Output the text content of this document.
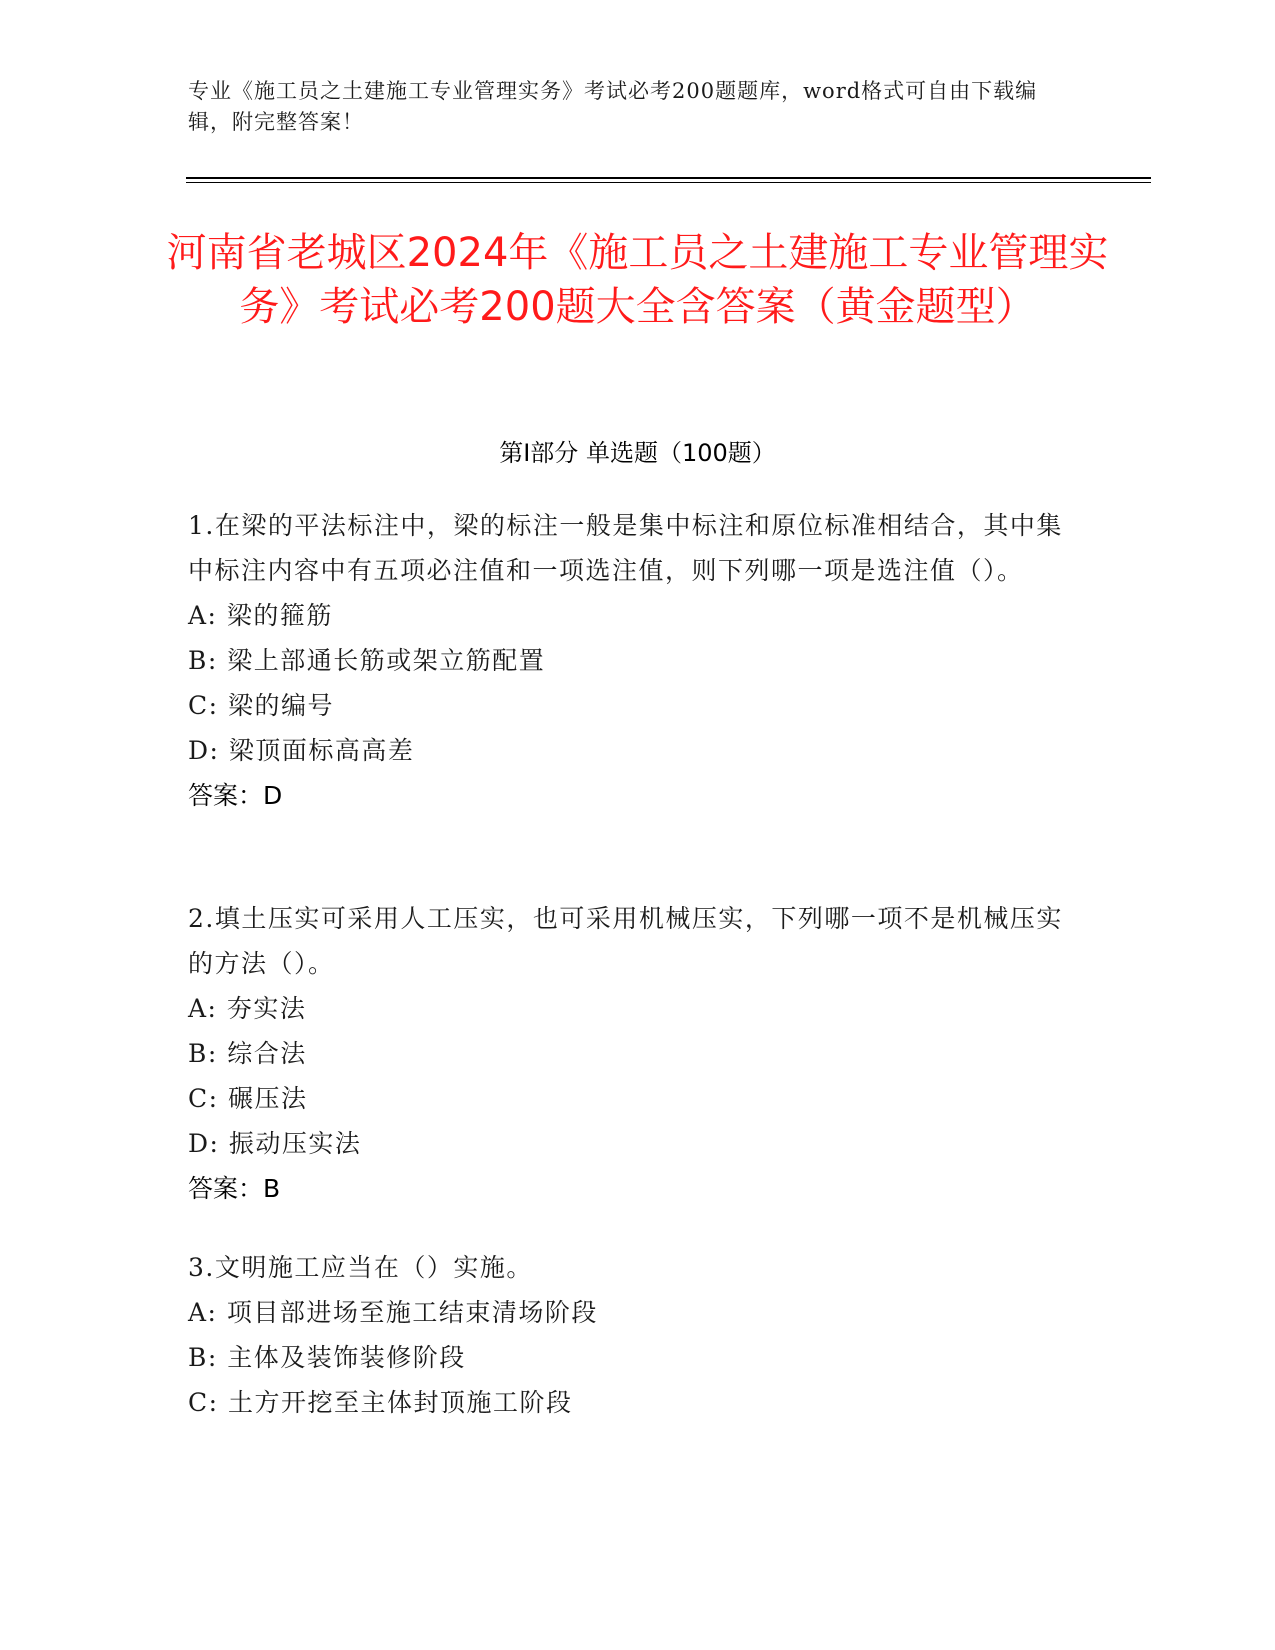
专业《施工员之土建施工专业管理实务》考试必考200题题库，word格式可自由下载编辑，附完整答案！
河南省老城区2024年《施工员之土建施工专业管理实务》考试必考200题大全含答案（黄金题型）
第Ⅰ部分 单选题（100题）
1.在梁的平法标注中，梁的标注一般是集中标注和原位标准相结合，其中集中标注内容中有五项必注值和一项选注值，则下列哪一项是选注值（）。
A: 梁的箍筋
B: 梁上部通长筋或架立筋配置
C: 梁的编号
D: 梁顶面标高高差
答案：D
2.填土压实可采用人工压实，也可采用机械压实，下列哪一项不是机械压实的方法（）。
A: 夯实法
B: 综合法
C: 碾压法
D: 振动压实法
答案：B
3.文明施工应当在（）实施。
A: 项目部进场至施工结束清场阶段
B: 主体及装饰装修阶段
C: 土方开挖至主体封顶施工阶段
